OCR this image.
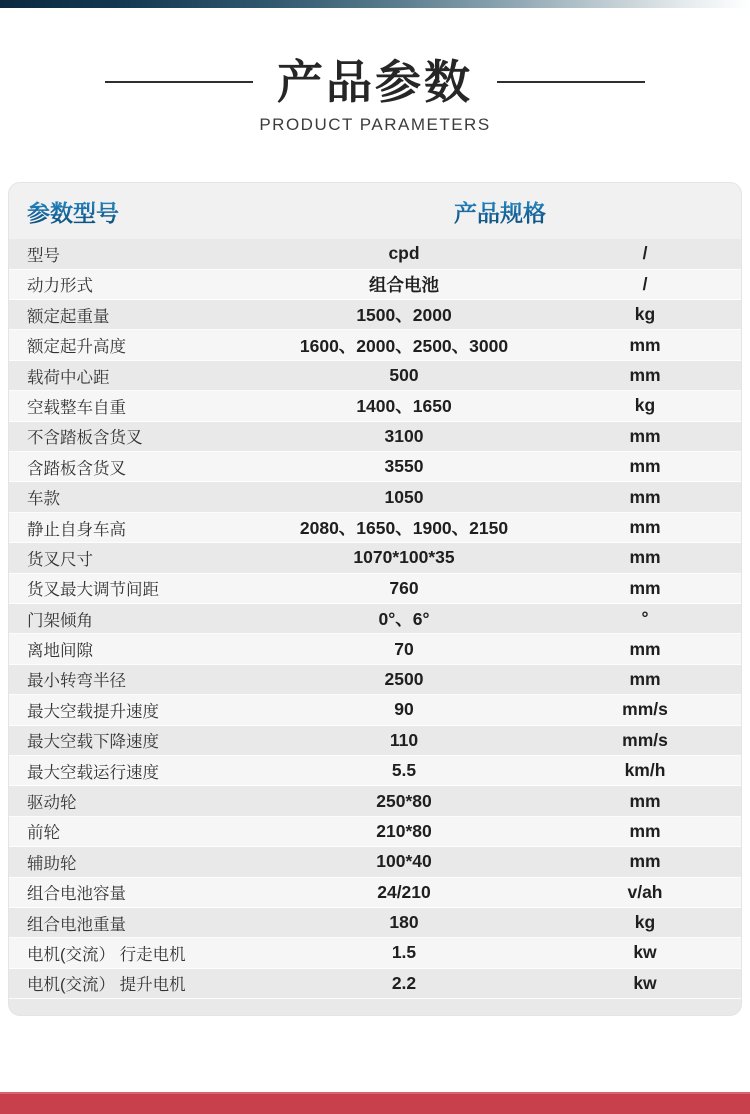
产品参数
PRODUCT PARAMETERS
参数型号	产品规格
型号	cpd	/
动力形式	组合电池	/
额定起重量	1500、2000	kg
额定起升高度	1600、2000、2500、3000	mm
载荷中心距	500	mm
空载整车自重	1400、1650	kg
不含踏板含货叉	3100	mm
含踏板含货叉	3550	mm
车款	1050	mm
静止自身车高	2080、1650、1900、2150	mm
货叉尺寸	1070*100*35	mm
货叉最大调节间距	760	mm
门架倾角	0°、6°	°
离地间隙	70	mm
最小转弯半径	2500	mm
最大空载提升速度	90	mm/s
最大空载下降速度	110	mm/s
最大空载运行速度	5.5	km/h
驱动轮	250*80	mm
前轮	210*80	mm
辅助轮	100*40	mm
组合电池容量	24/210	v/ah
组合电池重量	180	kg
电机(交流） 行走电机	1.5	kw
电机(交流） 提升电机	2.2	kw
